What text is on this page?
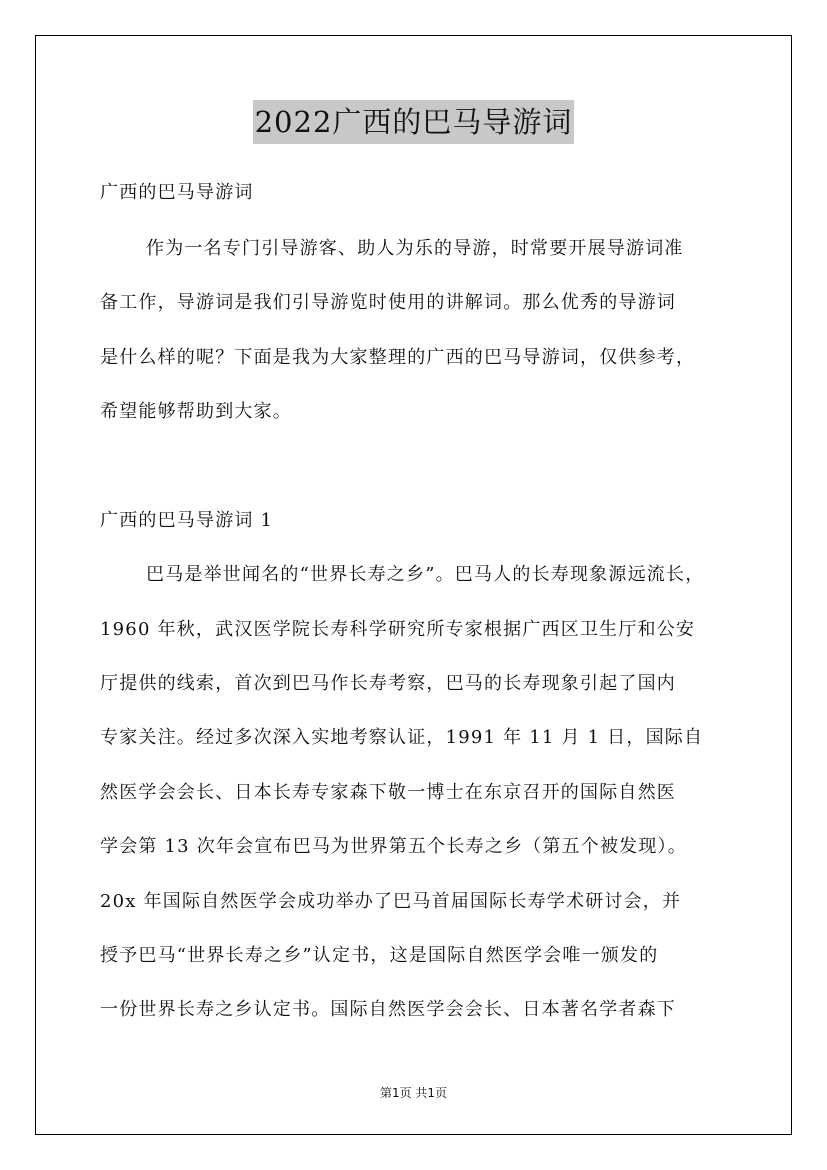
2022广西的巴马导游词
广西的巴马导游词
作为一名专门引导游客、助人为乐的导游，时常要开展导游词准
备工作，导游词是我们引导游览时使用的讲解词。那么优秀的导游词
是什么样的呢？下面是我为大家整理的广西的巴马导游词，仅供参考，
希望能够帮助到大家。
广西的巴马导游词 1
巴马是举世闻名的“世界长寿之乡”。巴马人的长寿现象源远流长，
1960 年秋，武汉医学院长寿科学研究所专家根据广西区卫生厅和公安
厅提供的线索，首次到巴马作长寿考察，巴马的长寿现象引起了国内
专家关注。经过多次深入实地考察认证，1991 年 11 月 1 日，国际自
然医学会会长、日本长寿专家森下敬一博士在东京召开的国际自然医
学会第 13 次年会宣布巴马为世界第五个长寿之乡（第五个被发现）。
20x 年国际自然医学会成功举办了巴马首届国际长寿学术研讨会，并
授予巴马“世界长寿之乡”认定书，这是国际自然医学会唯一颁发的
一份世界长寿之乡认定书。国际自然医学会会长、日本著名学者森下
第1页 共1页
